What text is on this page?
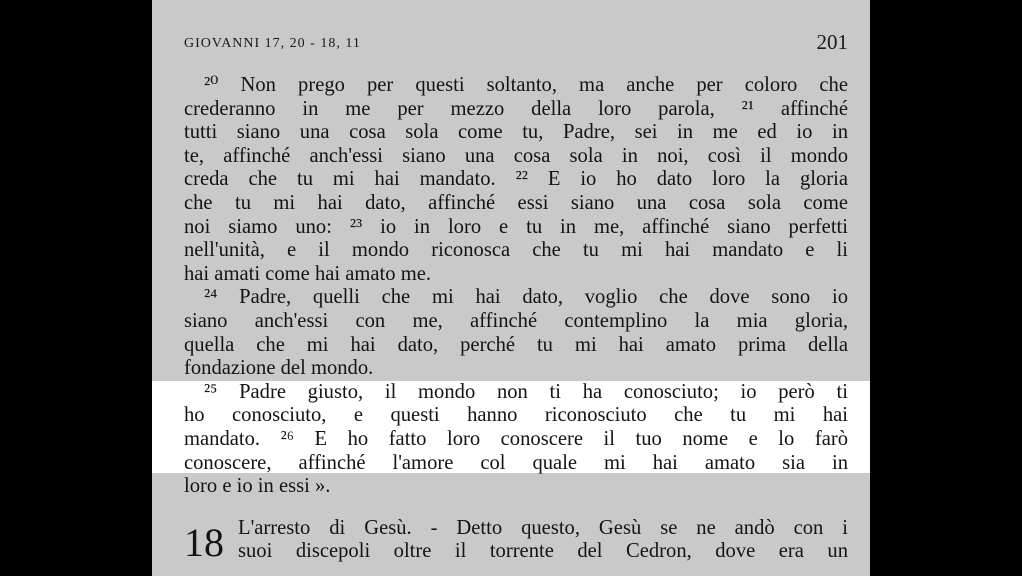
GIOVANNI 17, 20 - 18, 11	201
²⁰ Non prego per questi soltanto, ma anche per coloro che
crederanno in me per mezzo della loro parola, ²¹ affinché
tutti siano una cosa sola come tu, Padre, sei in me ed io in
te, affinché anch'essi siano una cosa sola in noi, così il mondo
creda che tu mi hai mandato. ²² E io ho dato loro la gloria
che tu mi hai dato, affinché essi siano una cosa sola come
noi siamo uno: ²³ io in loro e tu in me, affinché siano perfetti
nell'unità, e il mondo riconosca che tu mi hai mandato e li
hai amati come hai amato me.
²⁴ Padre, quelli che mi hai dato, voglio che dove sono io
siano anch'essi con me, affinché contemplino la mia gloria,
quella che mi hai dato, perché tu mi hai amato prima della
fondazione del mondo.
²⁵ Padre giusto, il mondo non ti ha conosciuto; io però ti
ho conosciuto, e questi hanno riconosciuto che tu mi hai
mandato. ²⁶ E ho fatto loro conoscere il tuo nome e lo farò
conoscere, affinché l'amore col quale mi hai amato sia in
loro e io in essi ».
18 L'arresto di Gesù. - Detto questo, Gesù se ne andò con i
suoi discepoli oltre il torrente del Cedron, dove era un
